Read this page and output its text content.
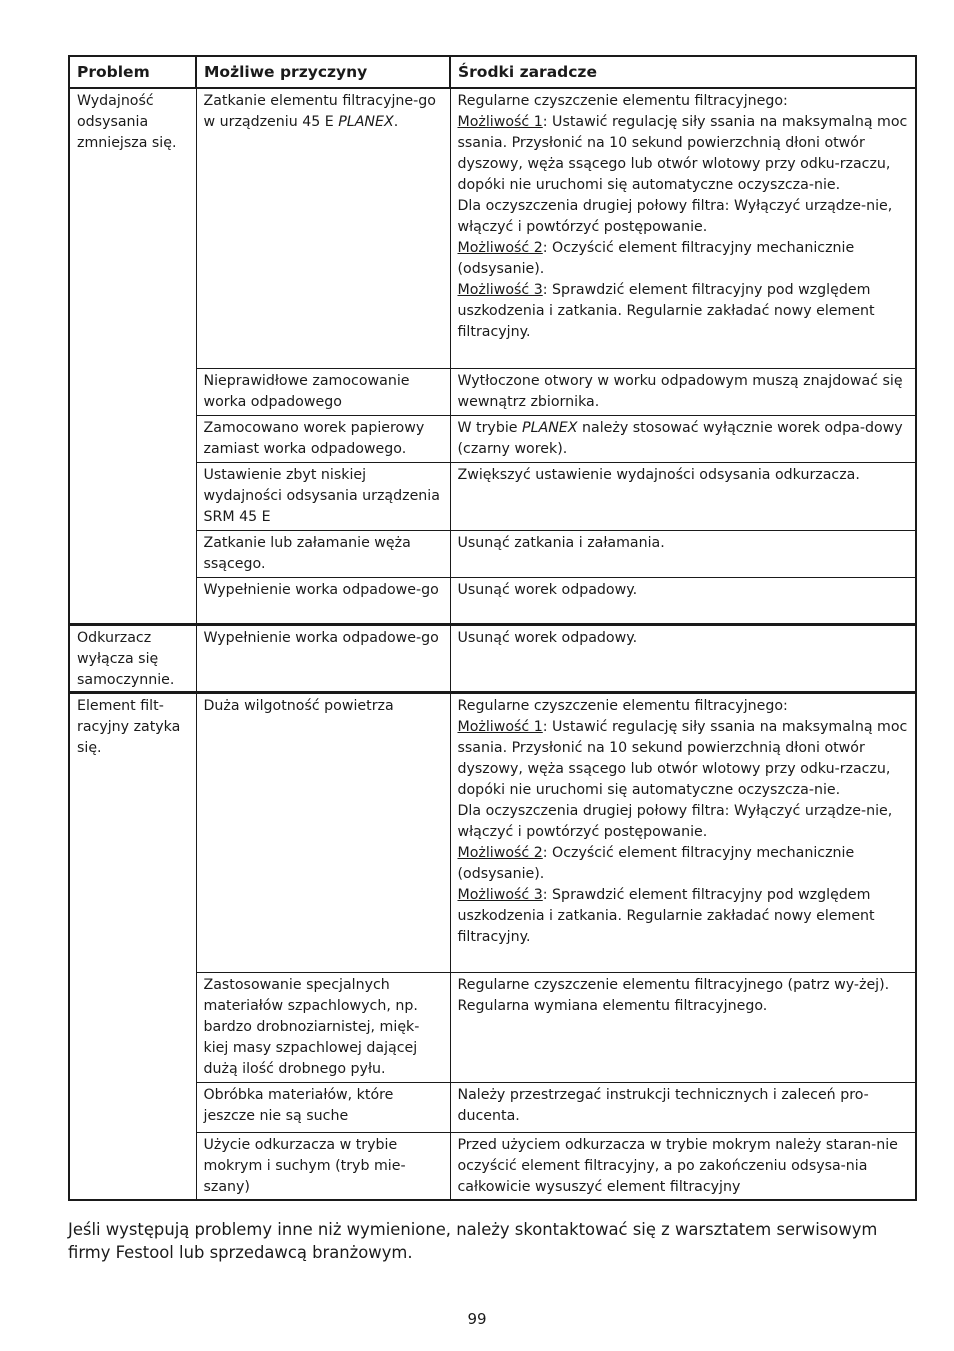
Problem	Możliwe przyczyny	Środki zaradcze
Wydajność odsysania zmniejsza się.	Zatkanie elementu filtracyjne-go w urządzeniu 45 E PLANEX.	Regularne czyszczenie elementu filtracyjnego:
Możliwość 1: Ustawić regulację siły ssania na maksymalną moc ssania. Przysłonić na 10 sekund powierzchnią dłoni otwór dyszowy, węża ssącego lub otwór wlotowy przy odku-rzaczu, dopóki nie uruchomi się automatyczne oczyszcza-nie.
Dla oczyszczenia drugiej połowy filtra: Wyłączyć urządze-nie, włączyć i powtórzyć postępowanie.
Możliwość 2: Oczyścić element filtracyjny mechanicznie (odsysanie).
Możliwość 3: Sprawdzić element filtracyjny pod względem uszkodzenia i zatkania. Regularnie zakładać nowy element filtracyjny.
	Nieprawidłowe zamocowanie worka odpadowego	Wytłoczone otwory w worku odpadowym muszą znajdować się wewnątrz zbiornika.
	Zamocowano worek papierowy zamiast worka odpadowego.	W trybie PLANEX należy stosować wyłącznie worek odpa-dowy (czarny worek).
	Ustawienie zbyt niskiej wydajności odsysania urządzenia SRM 45 E	Zwiększyć ustawienie wydajności odsysania odkurzacza.
	Zatkanie lub załamanie węża ssącego.	Usunąć zatkania i załamania.
	Wypełnienie worka odpadowe-go	Usunąć worek odpadowy.
Odkurzacz wyłącza się samoczynnie.	Wypełnienie worka odpadowe-go	Usunąć worek odpadowy.
Element filt-racyjny zatyka się.	Duża wilgotność powietrza	Regularne czyszczenie elementu filtracyjnego:
Możliwość 1: Ustawić regulację siły ssania na maksymalną moc ssania. Przysłonić na 10 sekund powierzchnią dłoni otwór dyszowy, węża ssącego lub otwór wlotowy przy odku-rzaczu, dopóki nie uruchomi się automatyczne oczyszcza-nie.
Dla oczyszczenia drugiej połowy filtra: Wyłączyć urządze-nie, włączyć i powtórzyć postępowanie.
Możliwość 2: Oczyścić element filtracyjny mechanicznie (odsysanie).
Możliwość 3: Sprawdzić element filtracyjny pod względem uszkodzenia i zatkania. Regularnie zakładać nowy element filtracyjny.
	Zastosowanie specjalnych materiałów szpachlowych, np. bardzo drobnoziarnistej, mięk-kiej masy szpachlowej dającej dużą ilość drobnego pyłu.	Regularne czyszczenie elementu filtracyjnego (patrz wy-żej).
Regularna wymiana elementu filtracyjnego.
	Obróbka materiałów, które jeszcze nie są suche	Należy przestrzegać instrukcji technicznych i zaleceń pro-ducenta.
	Użycie odkurzacza w trybie mokrym i suchym (tryb mie-szany)	Przed użyciem odkurzacza w trybie mokrym należy staran-nie oczyścić element filtracyjny, a po zakończeniu odsysa-nia całkowicie wysuszyć element filtracyjny
Jeśli występują problemy inne niż wymienione, należy skontaktować się z warsztatem serwisowym firmy Festool lub sprzedawcą branżowym.
99
